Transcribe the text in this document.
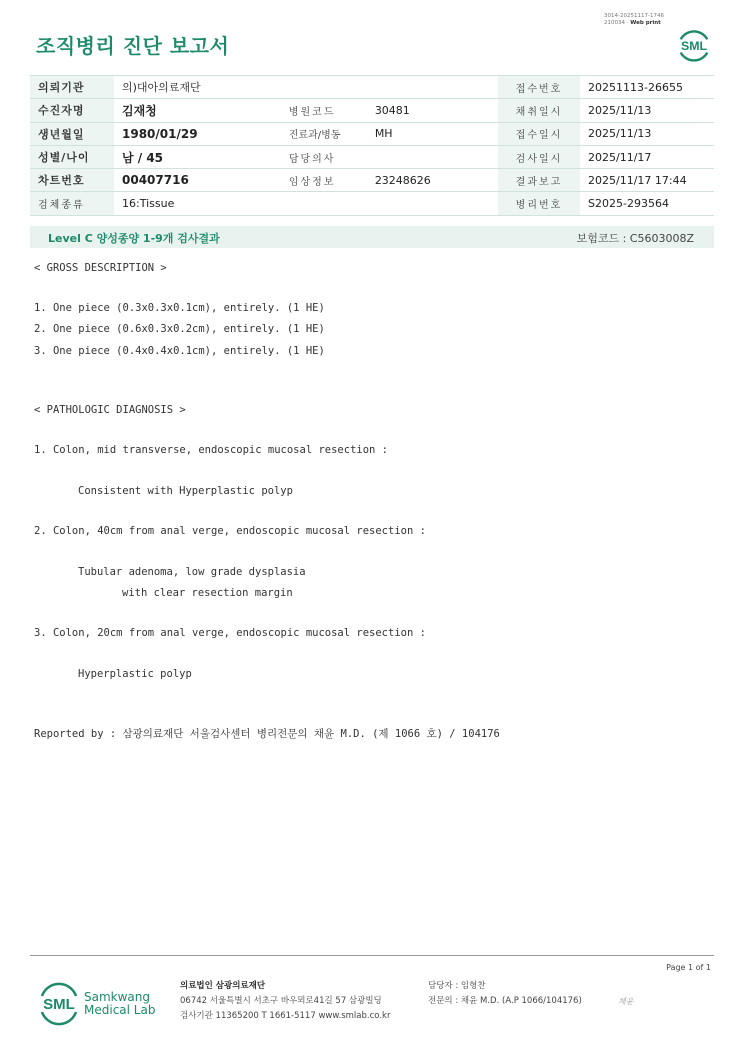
3014-20251117-1746
210034 · Web print
조직병리 진단 보고서	SML
의뢰기관	의)대아의료재단			접수번호	20251113-26655
수진자명	김재청	병원코드	30481	채취일시	2025/11/13
생년월일	1980/01/29	진료과/병동	MH	접수일시	2025/11/13
성별/나이	남 / 45	담당의사		검사일시	2025/11/17
차트번호	00407716	임상정보	23248626	결과보고	2025/11/17 17:44
검체종류	16:Tissue			병리번호	S2025-293564
Level C 양성종양 1-9개 검사결과	보험코드 : C5603008Z
< GROSS DESCRIPTION >
1. One piece (0.3x0.3x0.1cm), entirely. (1 HE)
2. One piece (0.6x0.3x0.2cm), entirely. (1 HE)
3. One piece (0.4x0.4x0.1cm), entirely. (1 HE)
< PATHOLOGIC DIAGNOSIS >
1. Colon, mid transverse, endoscopic mucosal resection :
Consistent with Hyperplastic polyp
2. Colon, 40cm from anal verge, endoscopic mucosal resection :
Tubular adenoma, low grade dysplasia
with clear resection margin
3. Colon, 20cm from anal verge, endoscopic mucosal resection :
Hyperplastic polyp
Reported by : 삼광의료재단 서울검사센터 병리전문의 채윤 M.D. (제 1066 호) / 104176
Page 1 of 1
SML Samkwang
Medical Lab
의료법인 삼광의료재단
06742 서울특별시 서초구 바우뫼로41길 57 삼광빌딩
검사기관 11365200 T 1661-5117 www.smlab.co.kr
담당자 : 임형찬
전문의 : 채윤 M.D. (A.P 1066/104176)	채윤
